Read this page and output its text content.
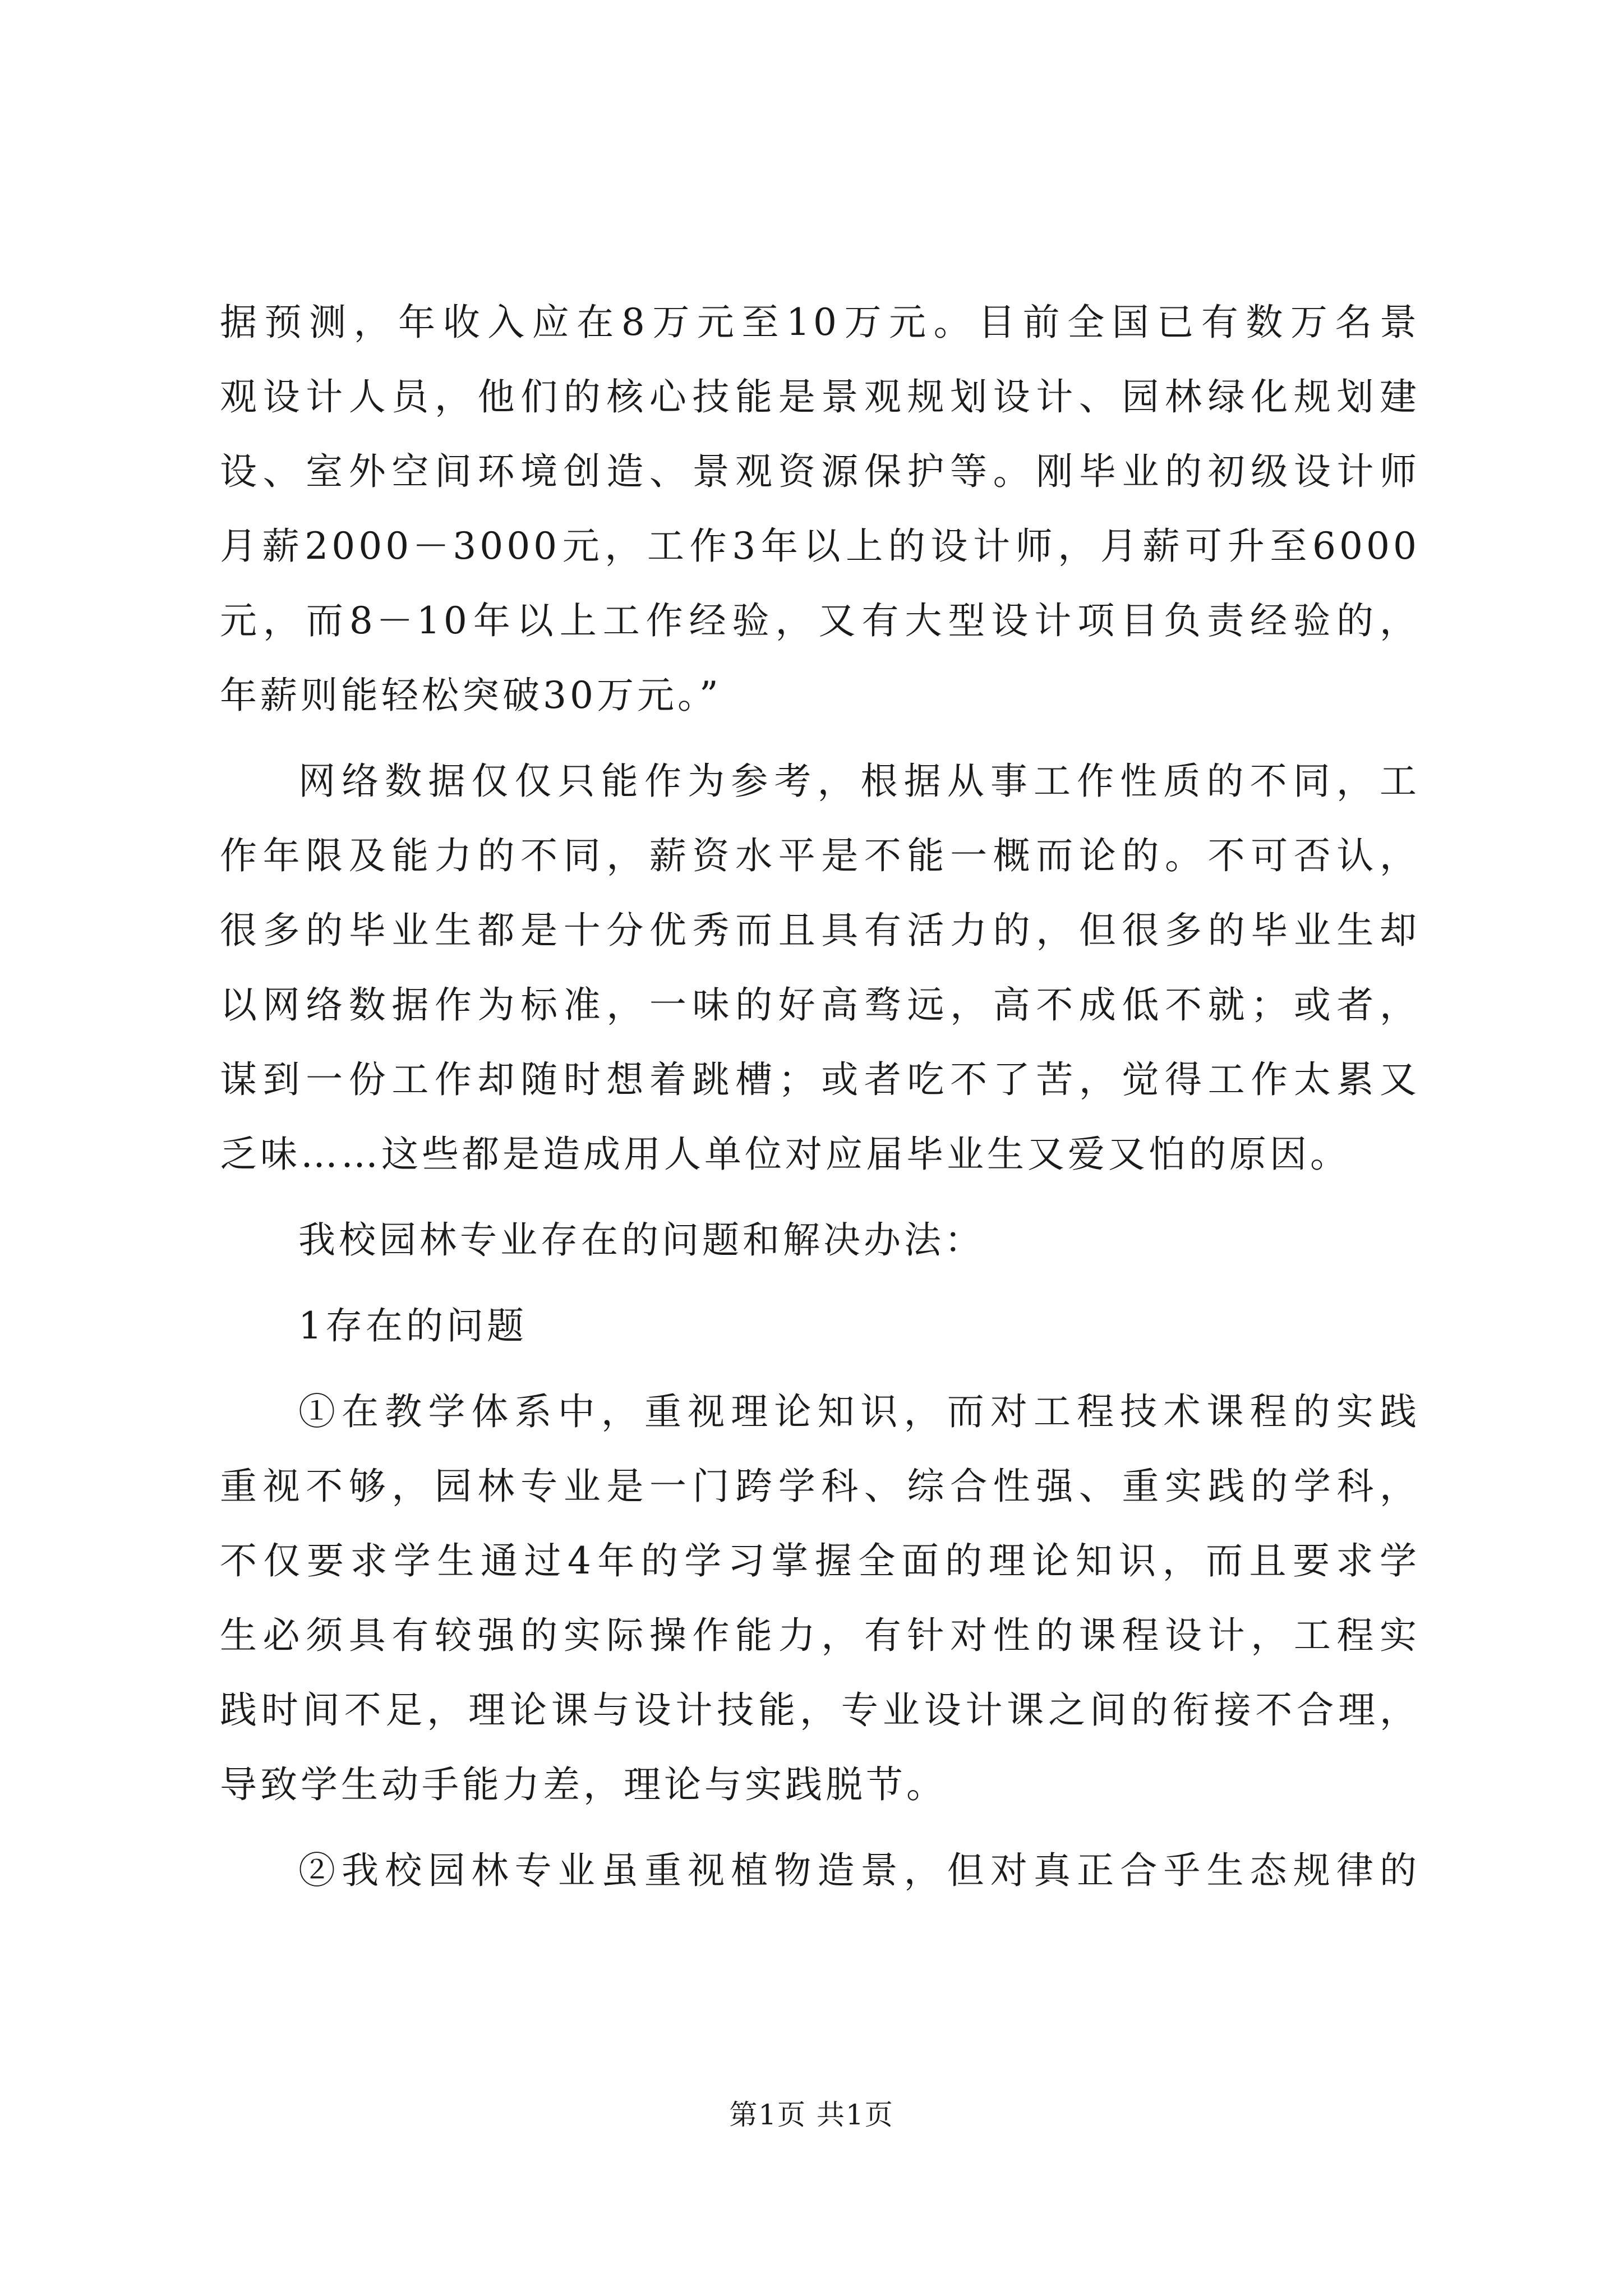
据预测，年收入应在8万元至10万元。目前全国已有数万名景
观设计人员，他们的核心技能是景观规划设计、园林绿化规划建
设、室外空间环境创造、景观资源保护等。刚毕业的初级设计师
月薪2000－3000元，工作3年以上的设计师，月薪可升至6000
元，而8－10年以上工作经验，又有大型设计项目负责经验的，
年薪则能轻松突破30万元。”
网络数据仅仅只能作为参考，根据从事工作性质的不同，工
作年限及能力的不同，薪资水平是不能一概而论的。不可否认，
很多的毕业生都是十分优秀而且具有活力的，但很多的毕业生却
以网络数据作为标准，一味的好高骛远，高不成低不就；或者，
谋到一份工作却随时想着跳槽；或者吃不了苦，觉得工作太累又
乏味……这些都是造成用人单位对应届毕业生又爱又怕的原因。
我校园林专业存在的问题和解决办法：
1存在的问题
①在教学体系中，重视理论知识，而对工程技术课程的实践
重视不够，园林专业是一门跨学科、综合性强、重实践的学科，
不仅要求学生通过4年的学习掌握全面的理论知识，而且要求学
生必须具有较强的实际操作能力，有针对性的课程设计，工程实
践时间不足，理论课与设计技能，专业设计课之间的衔接不合理，
导致学生动手能力差，理论与实践脱节。
②我校园林专业虽重视植物造景，但对真正合乎生态规律的
第1页 共1页
